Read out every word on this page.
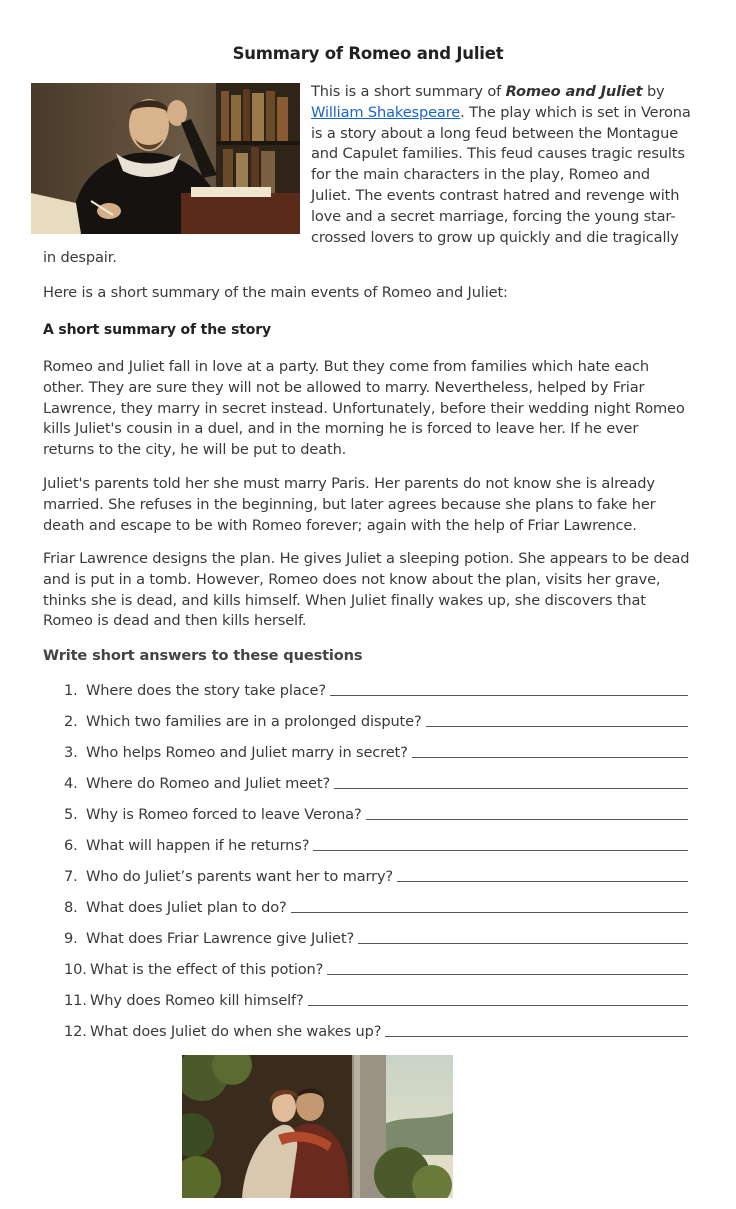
Summary of Romeo and Juliet

This is a short summary of Romeo and Juliet by William Shakespeare. The play which is set in Verona is a story about a long feud between the Montague and Capulet families. This feud causes tragic results for the main characters in the play, Romeo and Juliet. The events contrast hatred and revenge with love and a secret marriage, forcing the young star-crossed lovers to grow up quickly and die tragically in despair.

Here is a short summary of the main events of Romeo and Juliet:

A short summary of the story

Romeo and Juliet fall in love at a party. But they come from families which hate each other. They are sure they will not be allowed to marry. Nevertheless, helped by Friar Lawrence, they marry in secret instead. Unfortunately, before their wedding night Romeo kills Juliet's cousin in a duel, and in the morning he is forced to leave her. If he ever returns to the city, he will be put to death.

Juliet's parents told her she must marry Paris. Her parents do not know she is already married. She refuses in the beginning, but later agrees because she plans to fake her death and escape to be with Romeo forever; again with the help of Friar Lawrence.

Friar Lawrence designs the plan. He gives Juliet a sleeping potion. She appears to be dead and is put in a tomb. However, Romeo does not know about the plan, visits her grave, thinks she is dead, and kills himself. When Juliet finally wakes up, she discovers that Romeo is dead and then kills herself.

Write short answers to these questions

1. Where does the story take place?
2. Which two families are in a prolonged dispute?
3. Who helps Romeo and Juliet marry in secret?
4. Where do Romeo and Juliet meet?
5. Why is Romeo forced to leave Verona?
6. What will happen if he returns?
7. Who do Juliet’s parents want her to marry?
8. What does Juliet plan to do?
9. What does Friar Lawrence give Juliet?
10. What is the effect of this potion?
11. Why does Romeo kill himself?
12. What does Juliet do when she wakes up?
